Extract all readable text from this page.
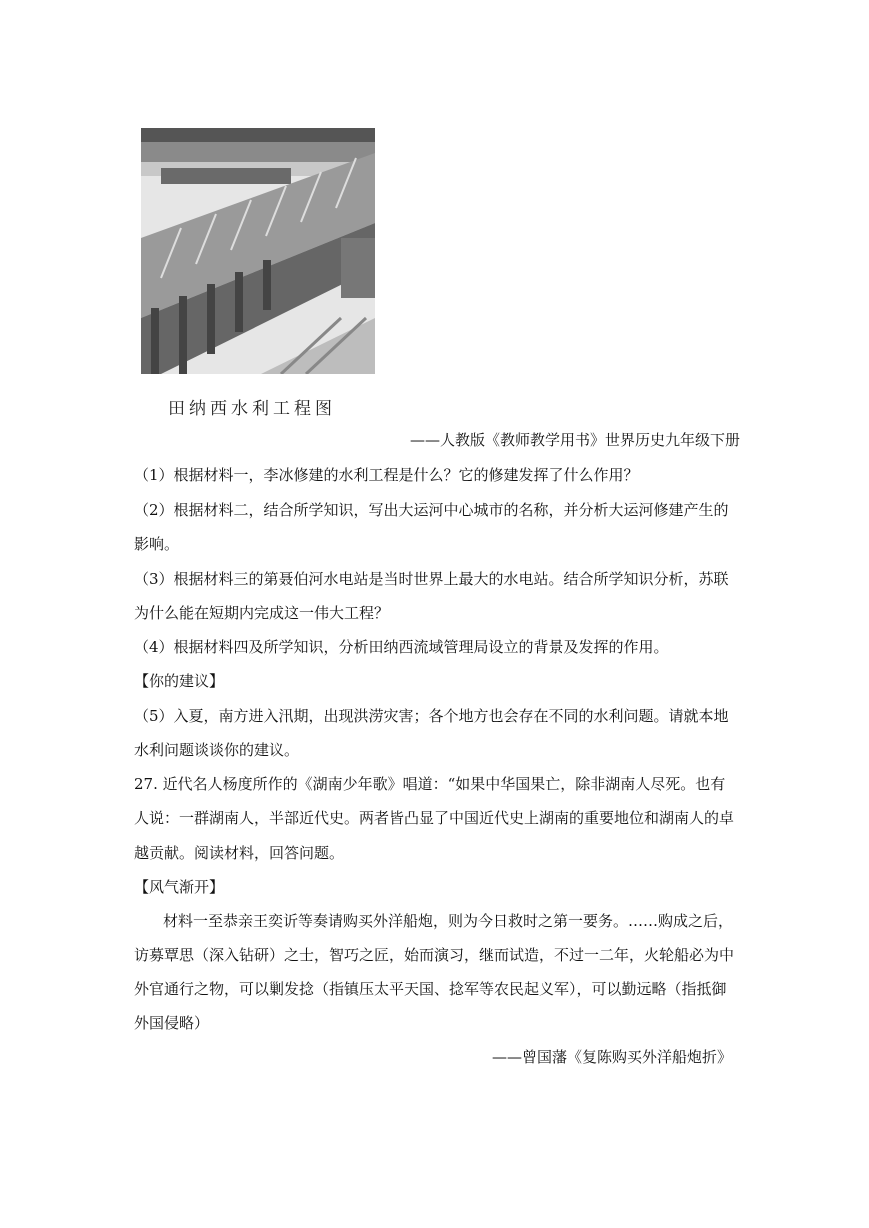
田纳西水利工程图
——人教版《教师教学用书》世界历史九年级下册
（1）根据材料一，李冰修建的水利工程是什么？它的修建发挥了什么作用？
（2）根据材料二，结合所学知识，写出大运河中心城市的名称，并分析大运河修建产生的
影响。
（3）根据材料三的第聂伯河水电站是当时世界上最大的水电站。结合所学知识分析，苏联
为什么能在短期内完成这一伟大工程？
（4）根据材料四及所学知识，分析田纳西流域管理局设立的背景及发挥的作用。
【你的建议】
（5）入夏，南方进入汛期，出现洪涝灾害；各个地方也会存在不同的水利问题。请就本地
水利问题谈谈你的建议。
27. 近代名人杨度所作的《湖南少年歌》唱道：“如果中华国果亡，除非湖南人尽死。也有
人说：一群湖南人，半部近代史。两者皆凸显了中国近代史上湖南的重要地位和湖南人的卓
越贡献。阅读材料，回答问题。
【风气渐开】
材料一至恭亲王奕䜣等奏请购买外洋船炮，则为今日救时之第一要务。……购成之后，
访募覃思（深入钻研）之士，智巧之匠，始而演习，继而试造，不过一二年，火轮船必为中
外官通行之物，可以剿发捻（指镇压太平天国、捻军等农民起义军），可以勤远略（指抵御
外国侵略）
——曾国藩《复陈购买外洋船炮折》
